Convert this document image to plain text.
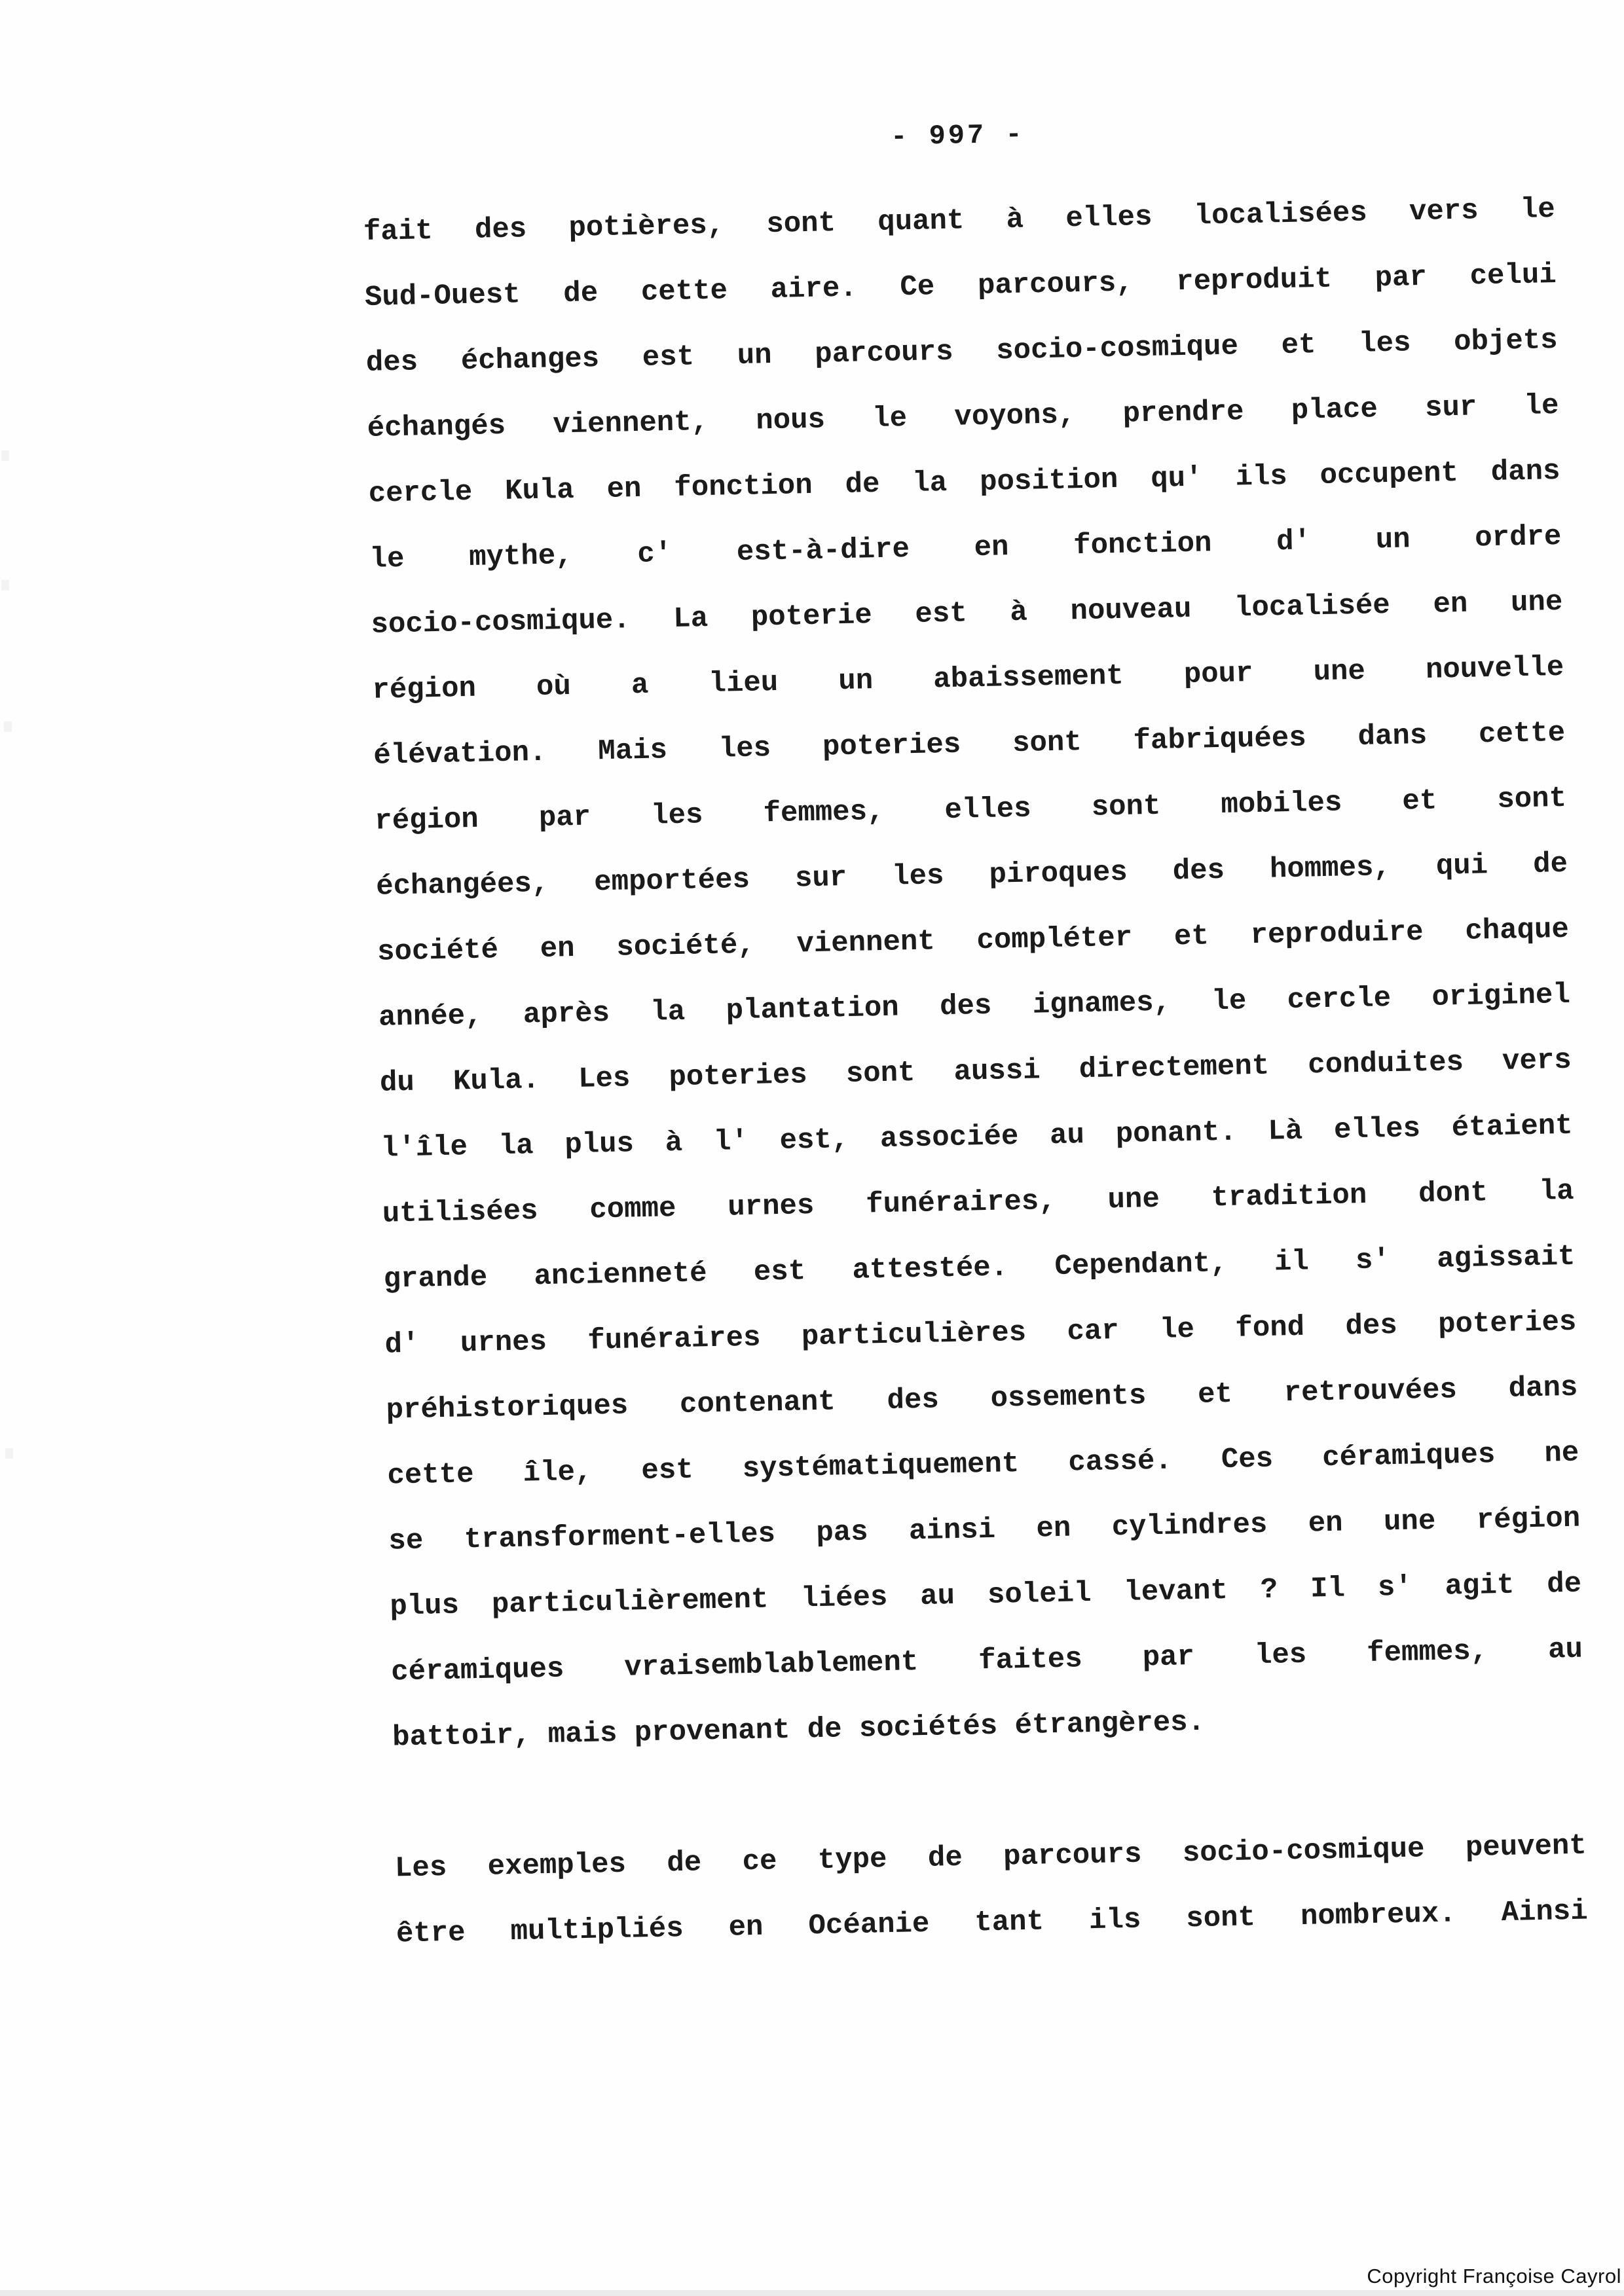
- 997 -
fait des potières, sont quant à elles localisées vers le
Sud-Ouest de cette aire. Ce parcours, reproduit par celui
des échanges est un parcours socio-cosmique et les objets
échangés viennent, nous le voyons, prendre place sur le
cercle Kula en fonction de la position qu' ils occupent dans
le mythe, c' est-à-dire en fonction d' un ordre
socio-cosmique. La poterie est à nouveau localisée en une
région où a lieu un abaissement pour une nouvelle
élévation. Mais les poteries sont fabriquées dans cette
région par les femmes, elles sont mobiles et sont
échangées, emportées sur les piroques des hommes, qui de
société en société, viennent compléter et reproduire chaque
année, après la plantation des ignames, le cercle originel
du Kula. Les poteries sont aussi directement conduites vers
l'île la plus à l' est, associée au ponant. Là elles étaient
utilisées comme urnes funéraires, une tradition dont la
grande ancienneté est attestée. Cependant, il s' agissait
d' urnes funéraires particulières car le fond des poteries
préhistoriques contenant des ossements et retrouvées dans
cette île, est systématiquement cassé. Ces céramiques ne
se transforment-elles pas ainsi en cylindres en une région
plus particulièrement liées au soleil levant ? Il s' agit de
céramiques vraisemblablement faites par les femmes, au
battoir, mais provenant de sociétés étrangères.
Les exemples de ce type de parcours socio-cosmique peuvent
être multipliés en Océanie tant ils sont nombreux. Ainsi
Copyright Françoise Cayrol
